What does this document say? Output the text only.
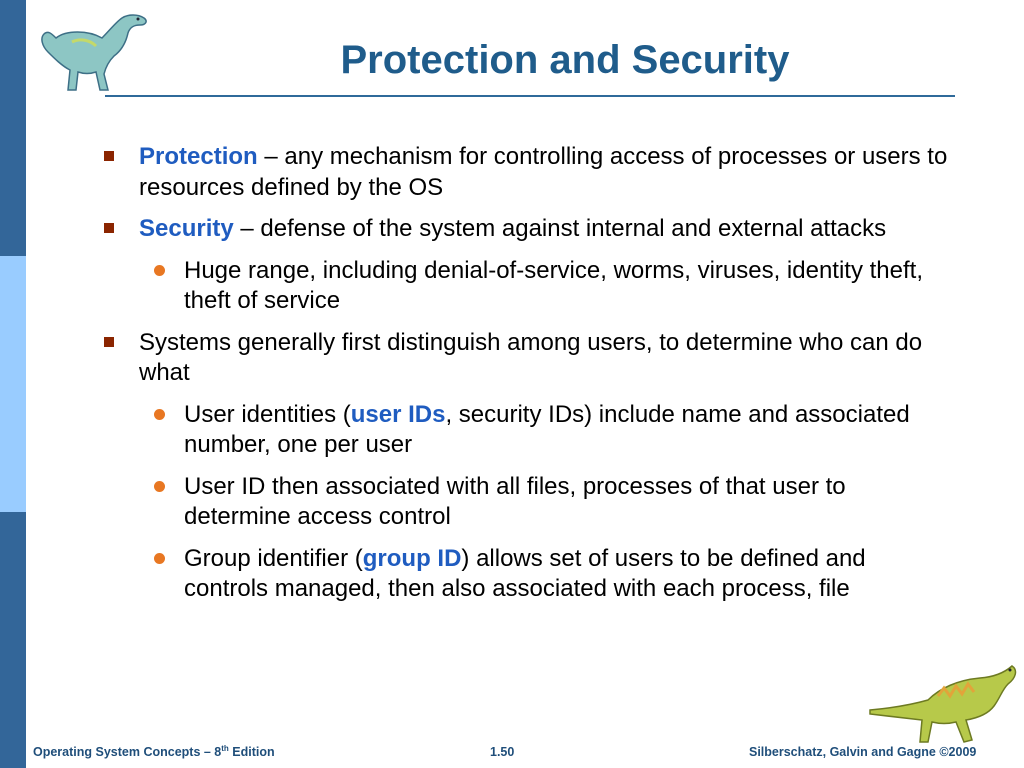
Protection and Security
Protection – any mechanism for controlling access of processes or users to resources defined by the OS
Security – defense of the system against internal and external attacks
Huge range, including denial-of-service, worms, viruses, identity theft, theft of service
Systems generally first distinguish among users, to determine who can do what
User identities (user IDs, security IDs) include name and associated number, one per user
User ID then associated with all files, processes of that user to determine access control
Group identifier (group ID) allows set of users to be defined and controls managed, then also associated with each process, file
Operating System Concepts – 8th Edition	1.50	Silberschatz, Galvin and Gagne ©2009
